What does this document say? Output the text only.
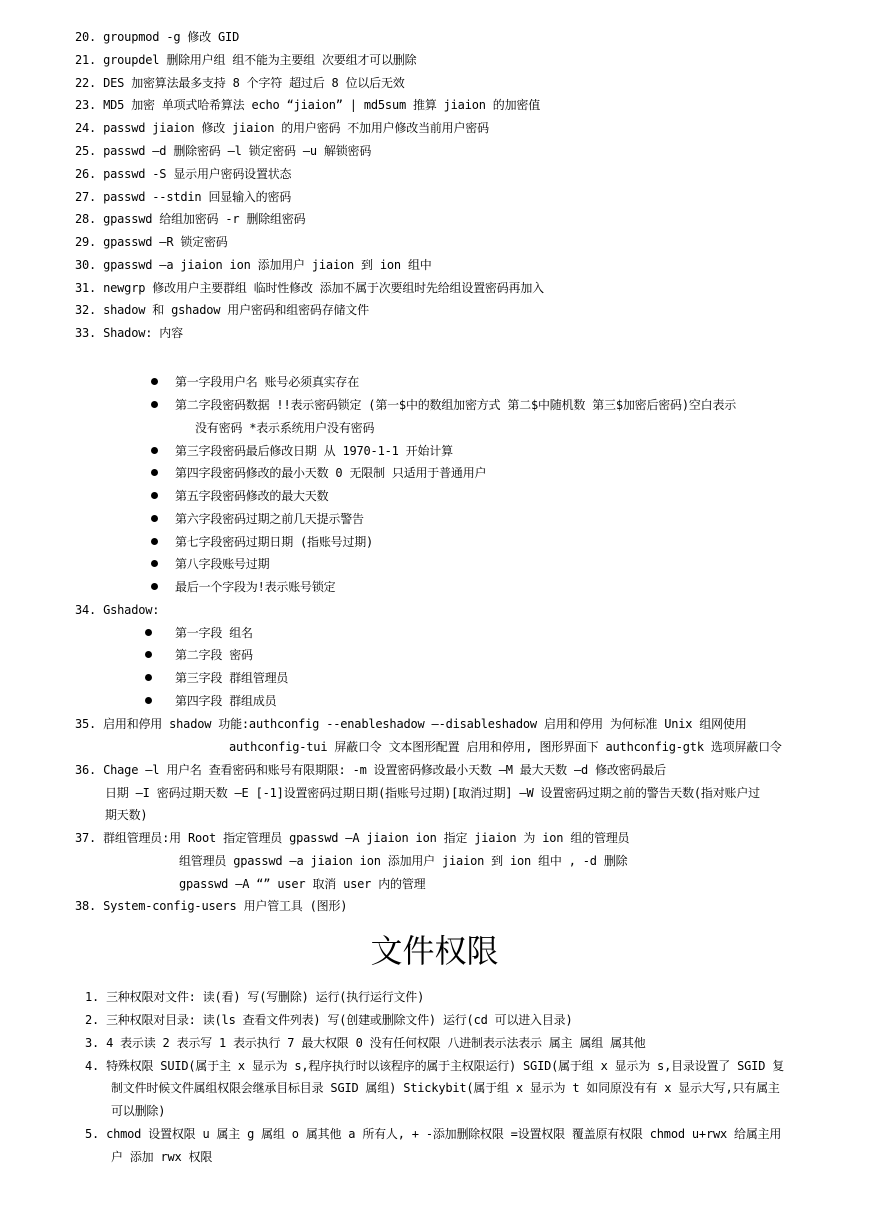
20. groupmod -g 修改 GID
21. groupdel 删除用户组 组不能为主要组 次要组才可以删除
22. DES 加密算法最多支持 8 个字符 超过后 8 位以后无效
23. MD5 加密 单项式哈希算法 echo “jiaion” | md5sum 推算 jiaion 的加密值
24. passwd jiaion 修改 jiaion 的用户密码 不加用户修改当前用户密码
25. passwd –d 删除密码 –l 锁定密码 –u 解锁密码
26. passwd -S 显示用户密码设置状态
27. passwd --stdin 回显输入的密码
28. gpasswd 给组加密码 -r 删除组密码
29. gpasswd –R 锁定密码
30. gpasswd –a jiaion ion 添加用户 jiaion 到 ion 组中
31. newgrp 修改用户主要群组 临时性修改 添加不属于次要组时先给组设置密码再加入
32. shadow 和 gshadow 用户密码和组密码存储文件
33. Shadow: 内容
第一字段用户名 账号必须真实存在
第二字段密码数据 !!表示密码锁定 (第一$中的数组加密方式 第二$中随机数 第三$加密后密码)空白表示
没有密码 *表示系统用户没有密码
第三字段密码最后修改日期 从 1970-1-1 开始计算
第四字段密码修改的最小天数 0 无限制 只适用于普通用户
第五字段密码修改的最大天数
第六字段密码过期之前几天提示警告
第七字段密码过期日期 (指账号过期)
第八字段账号过期
最后一个字段为!表示账号锁定
34. Gshadow:
第一字段 组名
第二字段 密码
第三字段 群组管理员
第四字段 群组成员
35. 启用和停用 shadow 功能:authconfig --enableshadow –-disableshadow 启用和停用 为何标准 Unix 组网使用
authconfig-tui 屏蔽口令 文本图形配置 启用和停用, 图形界面下 authconfig-gtk 选项屏蔽口令
36. Chage –l 用户名 查看密码和账号有限期限: -m 设置密码修改最小天数 –M 最大天数 –d 修改密码最后
日期 –I 密码过期天数 –E [-1]设置密码过期日期(指账号过期)[取消过期] –W 设置密码过期之前的警告天数(指对账户过
期天数)
37. 群组管理员:用 Root 指定管理员 gpasswd –A jiaion ion 指定 jiaion 为 ion 组的管理员
组管理员 gpasswd –a jiaion ion 添加用户 jiaion 到 ion 组中 , -d 删除
gpasswd –A “” user 取消 user 内的管理
38. System-config-users 用户管工具 (图形)
文件权限
1. 三种权限对文件: 读(看) 写(写删除) 运行(执行运行文件)
2. 三种权限对目录: 读(ls 查看文件列表) 写(创建或删除文件) 运行(cd 可以进入目录)
3. 4 表示读 2 表示写 1 表示执行 7 最大权限 0 没有任何权限 八进制表示法表示 属主 属组 属其他
4. 特殊权限 SUID(属于主 x 显示为 s,程序执行时以该程序的属于主权限运行) SGID(属于组 x 显示为 s,目录设置了 SGID 复
制文件时候文件属组权限会继承目标目录 SGID 属组) Stickybit(属于组 x 显示为 t 如同原没有有 x 显示大写,只有属主
可以删除)
5. chmod 设置权限 u 属主 g 属组 o 属其他 a 所有人, + -添加删除权限 =设置权限 覆盖原有权限 chmod u+rwx 给属主用
户 添加 rwx 权限
